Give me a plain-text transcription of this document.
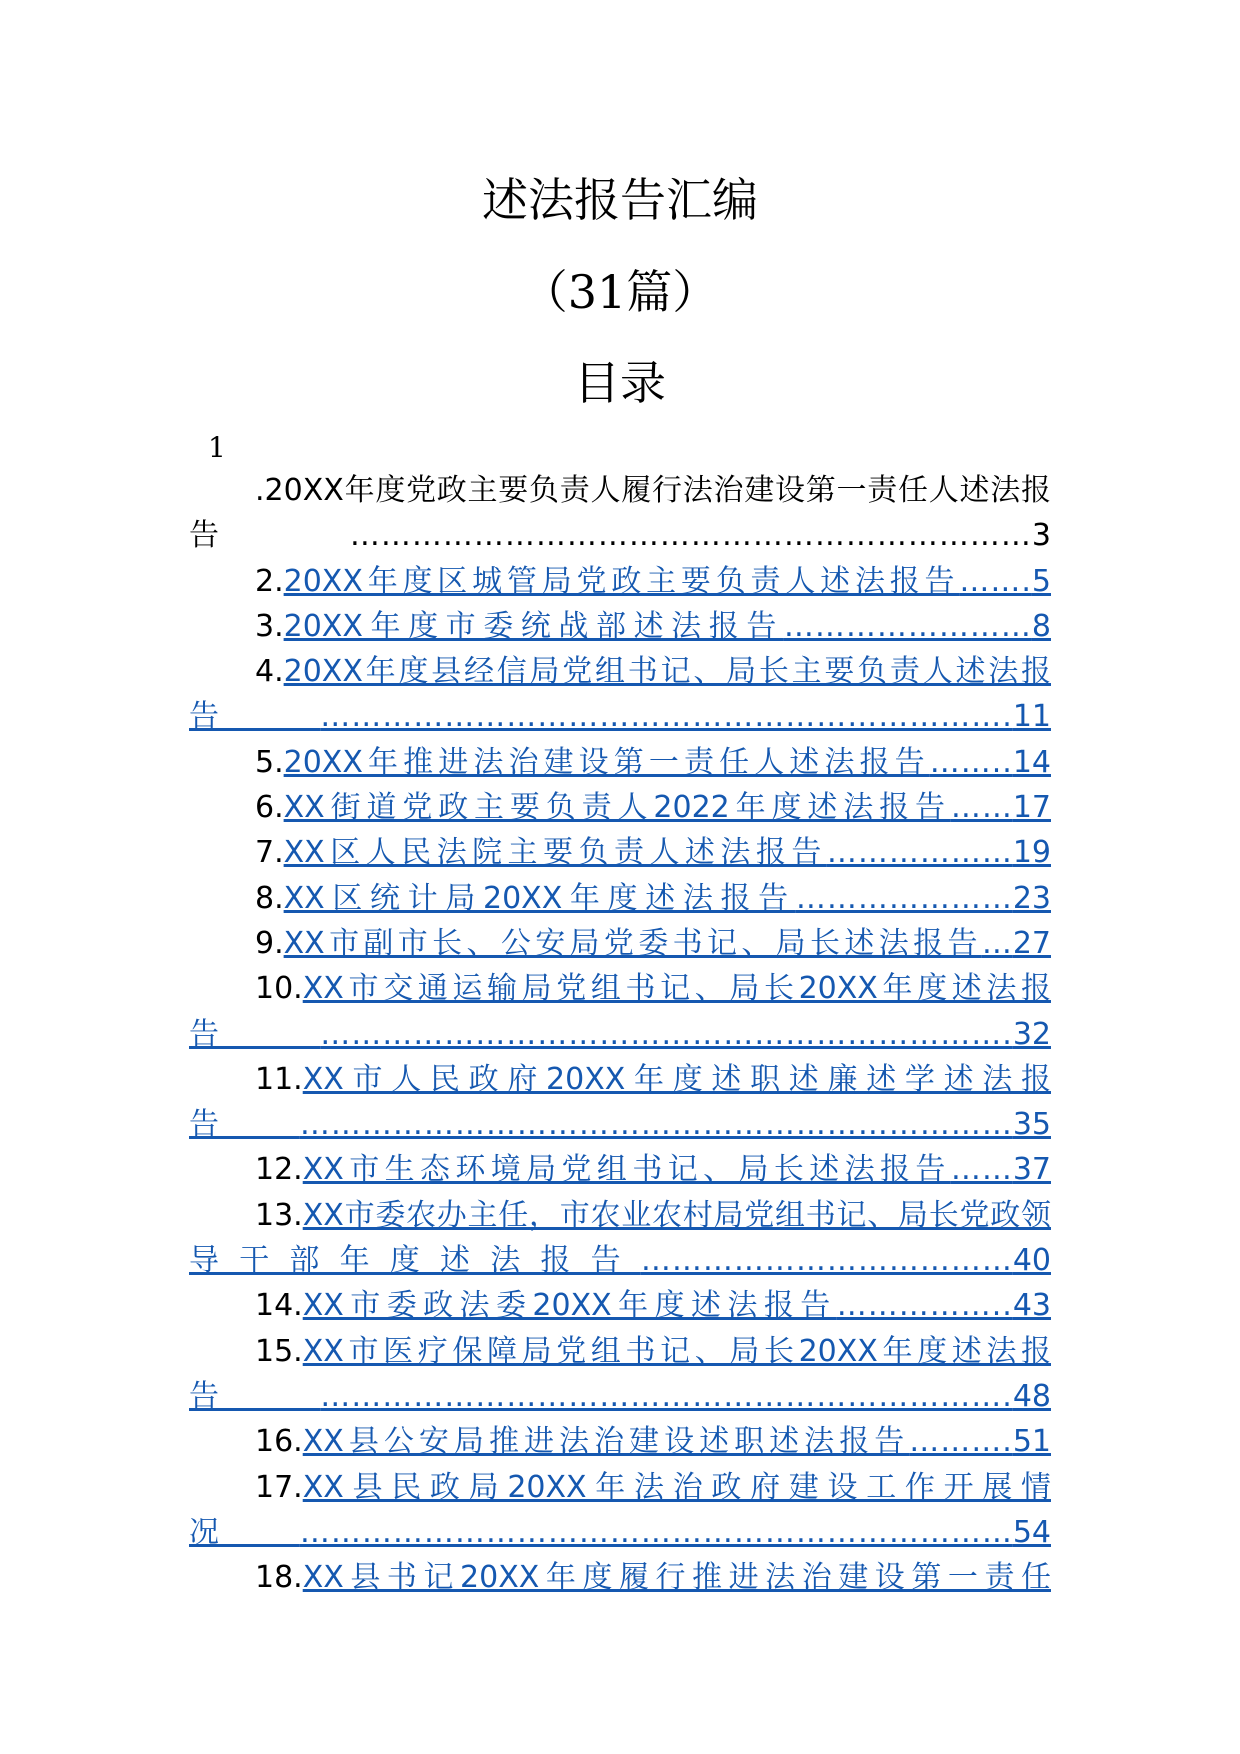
述法报告汇编
（31篇）
目录
1

.20XX年度党政主要负责人履行法治建设第一责任人述法报告…………………………………………………………3

2.20XX年度区城管局党政主要负责人述法报告…….5

3.20XX年度市委统战部述法报告……………………8

4.20XX年度县经信局党组书记、局长主要负责人述法报告………………………………………………………….11

5.20XX年推进法治建设第一责任人述法报告……..14

6.XX街道党政主要负责人2022年度述法报告……17

7.XX区人民法院主要负责人述法报告………………19

8.XX区统计局20XX年度述法报告…………………23

9.XX市副市长、公安局党委书记、局长述法报告…27

10.XX市交通运输局党组书记、局长20XX年度述法报告………………………………………………………….32

11.XX市人民政府20XX年度述职述廉述学述法报告……………………………………………………………35

12.XX市生态环境局党组书记、局长述法报告……37

13.XX市委农办主任，市农业农村局党组书记、局长党政领导干部年度述法报告………………………………40

14.XX市委政法委20XX年度述法报告……………..43

15.XX市医疗保障局党组书记、局长20XX年度述法报告………………………………………………………….48

16.XX县公安局推进法治建设述职述法报告……….51

17.XX县民政局20XX年法治政府建设工作开展情况……………………………………………………………54

18.XX县书记20XX年度履行推进法治建设第一责任
